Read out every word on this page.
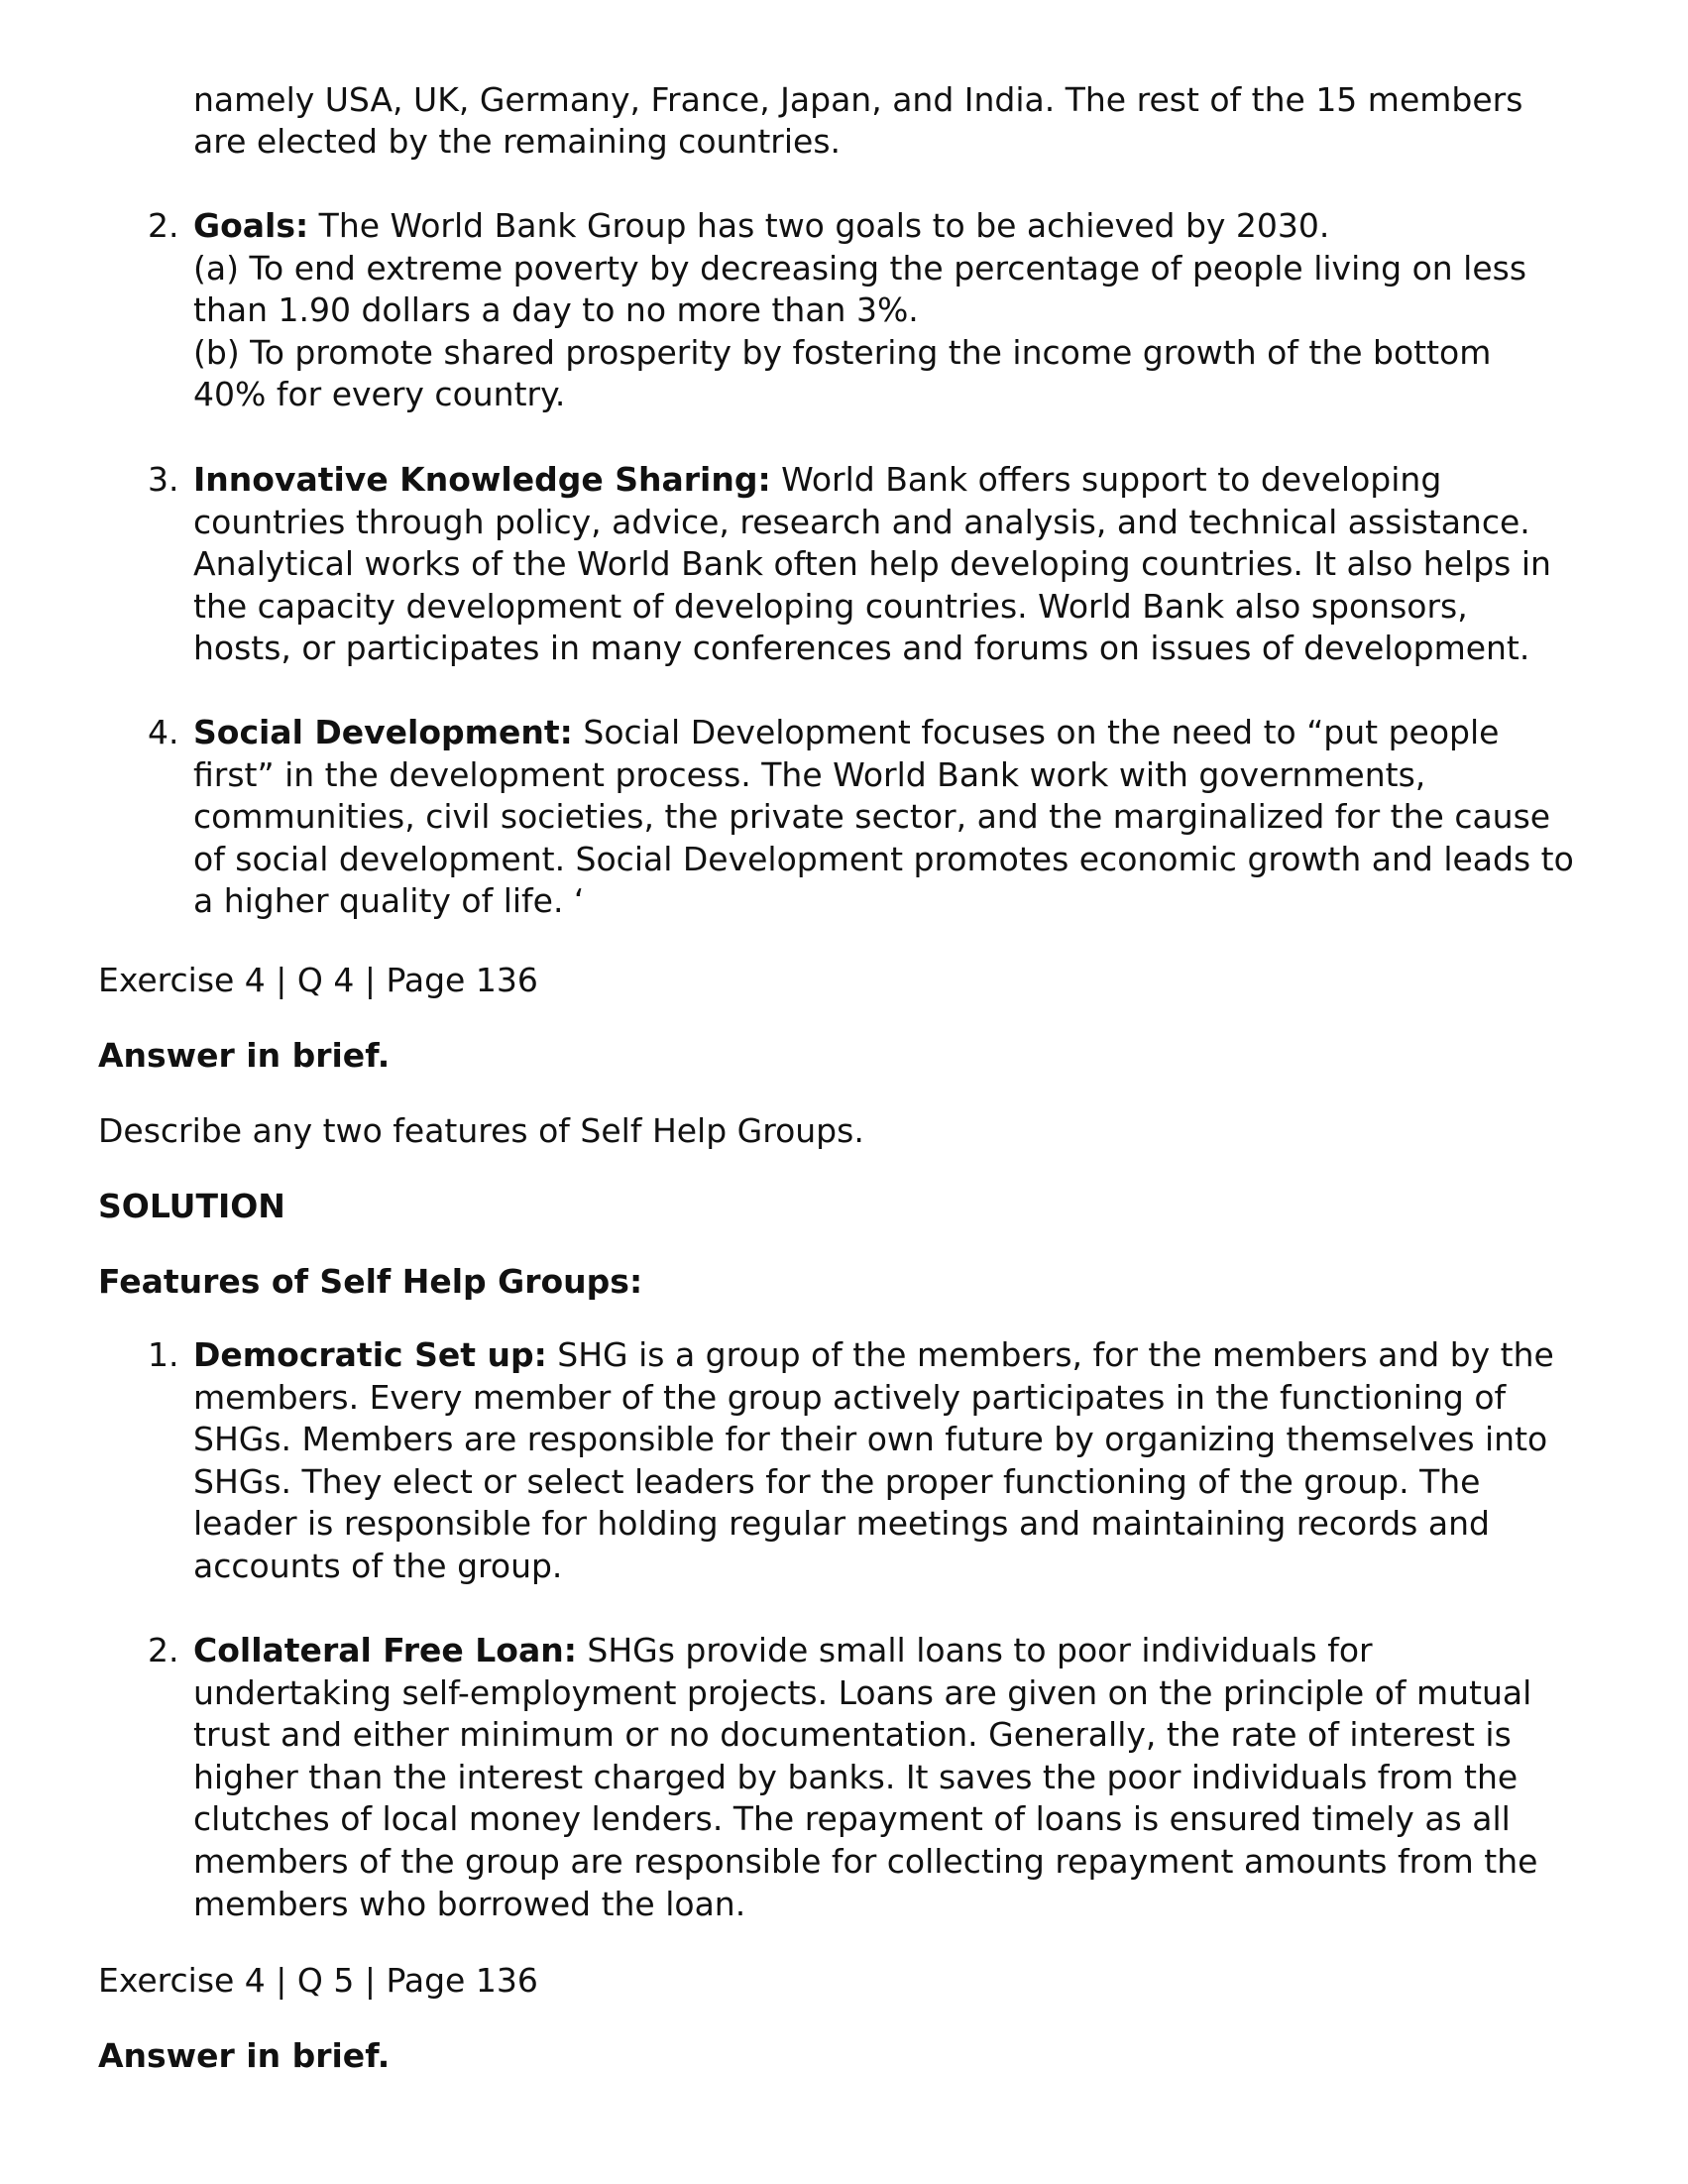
namely USA, UK, Germany, France, Japan, and India. The rest of the 15 members
are elected by the remaining countries.
2. Goals: The World Bank Group has two goals to be achieved by 2030.
(a) To end extreme poverty by decreasing the percentage of people living on less
than 1.90 dollars a day to no more than 3%.
(b) To promote shared prosperity by fostering the income growth of the bottom
40% for every country.
3. Innovative Knowledge Sharing: World Bank offers support to developing
countries through policy, advice, research and analysis, and technical assistance.
Analytical works of the World Bank often help developing countries. It also helps in
the capacity development of developing countries. World Bank also sponsors,
hosts, or participates in many conferences and forums on issues of development.
4. Social Development: Social Development focuses on the need to “put people
first” in the development process. The World Bank work with governments,
communities, civil societies, the private sector, and the marginalized for the cause
of social development. Social Development promotes economic growth and leads to
a higher quality of life. ‘
Exercise 4 | Q 4 | Page 136
Answer in brief.
Describe any two features of Self Help Groups.
SOLUTION
Features of Self Help Groups:
1. Democratic Set up: SHG is a group of the members, for the members and by the
members. Every member of the group actively participates in the functioning of
SHGs. Members are responsible for their own future by organizing themselves into
SHGs. They elect or select leaders for the proper functioning of the group. The
leader is responsible for holding regular meetings and maintaining records and
accounts of the group.
2. Collateral Free Loan: SHGs provide small loans to poor individuals for
undertaking self-employment projects. Loans are given on the principle of mutual
trust and either minimum or no documentation. Generally, the rate of interest is
higher than the interest charged by banks. It saves the poor individuals from the
clutches of local money lenders. The repayment of loans is ensured timely as all
members of the group are responsible for collecting repayment amounts from the
members who borrowed the loan.
Exercise 4 | Q 5 | Page 136
Answer in brief.
